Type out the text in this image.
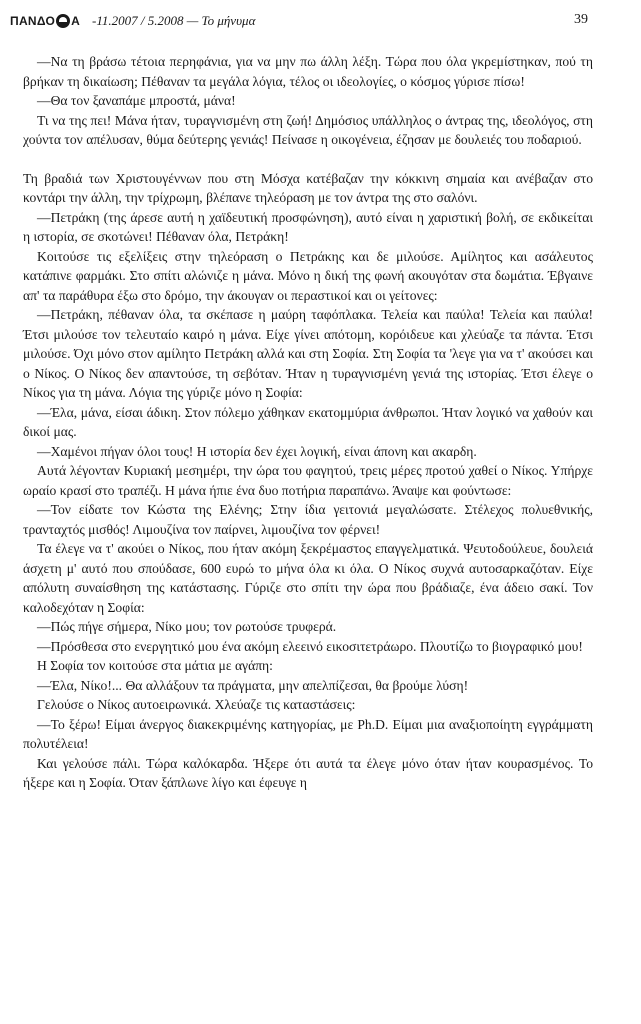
ΠΑΝΔΟ Α -11.2007 / 5.2008 — Το μήνυμα	39

—Να τη βράσω τέτοια περηφάνια, για να μην πω άλλη λέξη. Τώρα που όλα γκρεμίστηκαν, πού τη βρήκαν τη δικαίωση; Πέθαναν τα μεγάλα λόγια, τέλος οι ιδεολογίες, ο κόσμος γύρισε πίσω!

—Θα τον ξαναπάμε μπροστά, μάνα!

Τι να της πει! Μάνα ήταν, τυραγνισμένη στη ζωή! Δημόσιος υπάλληλος ο άντρας της, ιδεολόγος, στη χούντα τον απέλυσαν, θύμα δεύτερης γενιάς! Πείνασε η οικογένεια, έζησαν με δουλειές του ποδαριού.

Τη βραδιά των Χριστουγέννων που στη Μόσχα κατέβαζαν την κόκκινη σημαία και ανέβαζαν στο κοντάρι την άλλη, την τρίχρωμη, βλέπανε τηλεόραση με τον άντρα της στο σαλόνι.

—Πετράκη (της άρεσε αυτή η χαϊδευτική προσφώνηση), αυτό είναι η χαριστική βολή, σε εκδικείται η ιστορία, σε σκοτώνει! Πέθαναν όλα, Πετράκη!

Κοιτούσε τις εξελίξεις στην τηλεόραση ο Πετράκης και δε μιλούσε. Αμίλητος και ασάλευτος κατάπινε φαρμάκι. Στο σπίτι αλώνιζε η μάνα. Μόνο η δική της φωνή ακουγόταν στα δωμάτια. Έβγαινε απ' τα παράθυρα έξω στο δρόμο, την άκουγαν οι περαστικοί και οι γείτονες:

—Πετράκη, πέθαναν όλα, τα σκέπασε η μαύρη ταφόπλακα. Τελεία και παύλα! Τελεία και παύλα! Έτσι μιλούσε τον τελευταίο καιρό η μάνα. Είχε γίνει απότομη, κορόιδευε και χλεύαζε τα πάντα. Έτσι μιλούσε. Όχι μόνο στον αμίλητο Πετράκη αλλά και στη Σοφία. Στη Σοφία τα 'λεγε για να τ' ακούσει και ο Νίκος. Ο Νίκος δεν απαντούσε, τη σεβόταν. Ήταν η τυραγνισμένη γενιά της ιστορίας. Έτσι έλεγε ο Νίκος για τη μάνα. Λόγια της γύριζε μόνο η Σοφία:

—Έλα, μάνα, είσαι άδικη. Στον πόλεμο χάθηκαν εκατομμύρια άνθρωποι. Ήταν λογικό να χαθούν και δικοί μας.

—Χαμένοι πήγαν όλοι τους! Η ιστορία δεν έχει λογική, είναι άπονη και ακαρδη.

Αυτά λέγονταν Κυριακή μεσημέρι, την ώρα του φαγητού, τρεις μέρες προτού χαθεί ο Νίκος. Υπήρχε ωραίο κρασί στο τραπέζι. Η μάνα ήπιε ένα δυο ποτήρια παραπάνω. Άναψε και φούντωσε:

—Τον είδατε τον Κώστα της Ελένης; Στην ίδια γειτονιά μεγαλώσατε. Στέλεχος πολυεθνικής, τρανταχτός μισθός! Λιμουζίνα τον παίρνει, λιμουζίνα τον φέρνει!

Τα έλεγε να τ' ακούει ο Νίκος, που ήταν ακόμη ξεκρέμαστος επαγγελματικά. Ψευτοδούλευε, δουλειά άσχετη μ' αυτό που σπούδασε, 600 ευρώ το μήνα όλα κι όλα. Ο Νίκος συχνά αυτοσαρκαζόταν. Είχε απόλυτη συναίσθηση της κατάστασης. Γύριζε στο σπίτι την ώρα που βράδιαζε, ένα άδειο σακί. Τον καλοδεχόταν η Σοφία:

—Πώς πήγε σήμερα, Νίκο μου; τον ρωτούσε τρυφερά.

—Πρόσθεσα στο ενεργητικό μου ένα ακόμη ελεεινό εικοσιτετράωρο. Πλουτίζω το βιογραφικό μου!

Η Σοφία τον κοιτούσε στα μάτια με αγάπη:

—Έλα, Νίκο!... Θα αλλάξουν τα πράγματα, μην απελπίζεσαι, θα βρούμε λύση!

Γελούσε ο Νίκος αυτοειρωνικά. Χλεύαζε τις καταστάσεις:

—Το ξέρω! Είμαι άνεργος διακεκριμένης κατηγορίας, με Ph.D. Είμαι μια αναξιοποίητη εγγράμματη πολυτέλεια!

Και γελούσε πάλι. Τώρα καλόκαρδα. Ήξερε ότι αυτά τα έλεγε μόνο όταν ήταν κουρασμένος. Το ήξερε και η Σοφία. Όταν ξάπλωνε λίγο και έφευγε η
